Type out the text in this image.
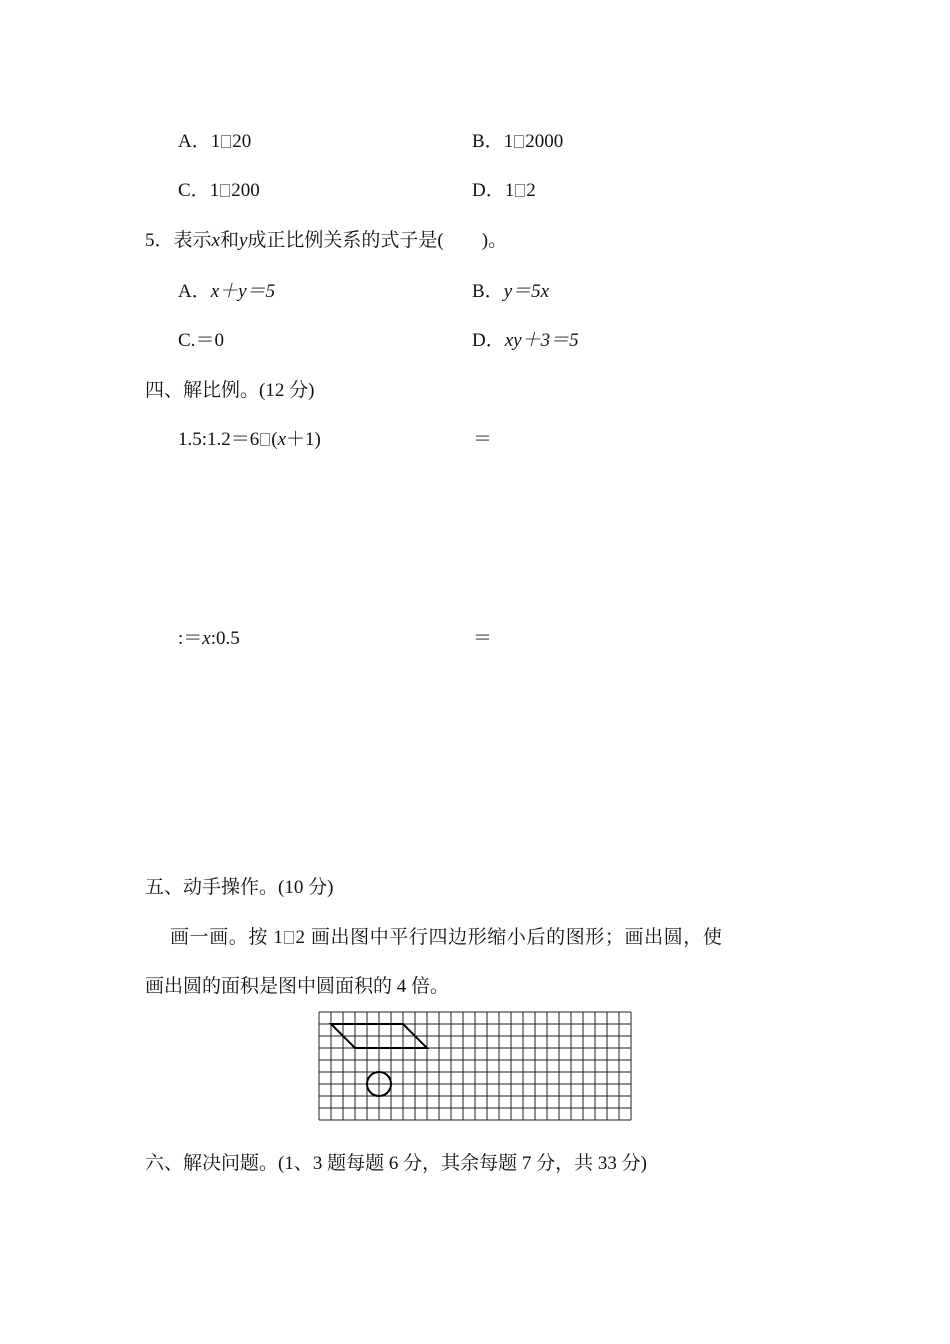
A．1 20	B．1 2000
C．1 200	D．1 2
5．表示x和y成正比例关系的式子是(　　)。
A．x＋y＝5	B．y＝5x
C.＝0	D．xy＋3＝5
四、解比例。(12 分)
1.5:1.2＝6 (x＋1)	＝
:＝x:0.5	＝
五、动手操作。(10 分)
画一画。按 1 2 画出图中平行四边形缩小后的图形；画出圆，使
画出圆的面积是图中圆面积的 4 倍。
六、解决问题。(1、3 题每题 6 分，其余每题 7 分，共 33 分)
